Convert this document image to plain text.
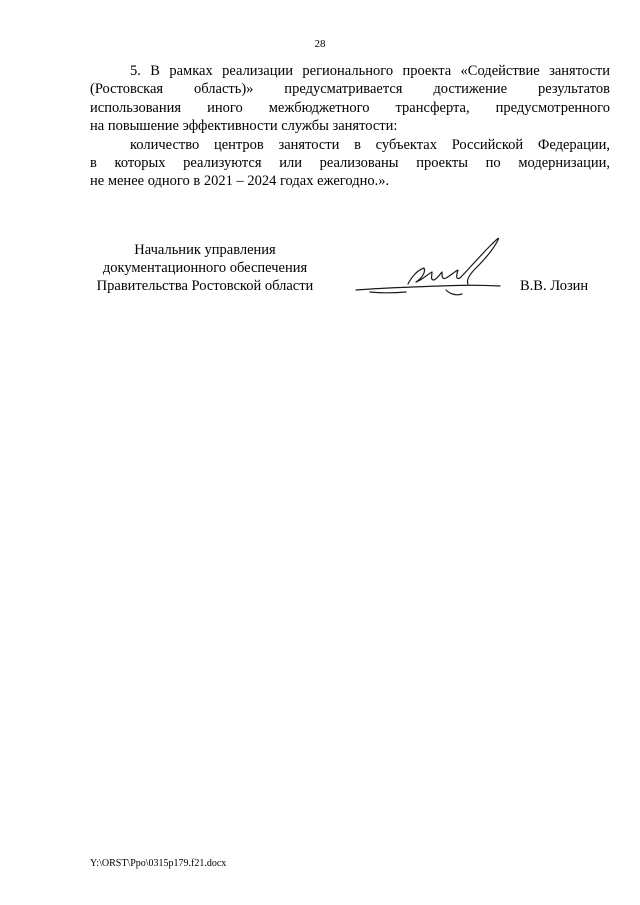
28
5. В рамках реализации регионального проекта «Содействие занятости
(Ростовская область)» предусматривается достижение результатов
использования иного межбюджетного трансферта, предусмотренного
на повышение эффективности службы занятости:
количество центров занятости в субъектах Российской Федерации,
в которых реализуются или реализованы проекты по модернизации,
не менее одного в 2021 – 2024 годах ежегодно.».
Начальник управления
документационного обеспечения
Правительства Ростовской области	В.В. Лозин
Y:\ORST\Ppo\0315p179.f21.docx
